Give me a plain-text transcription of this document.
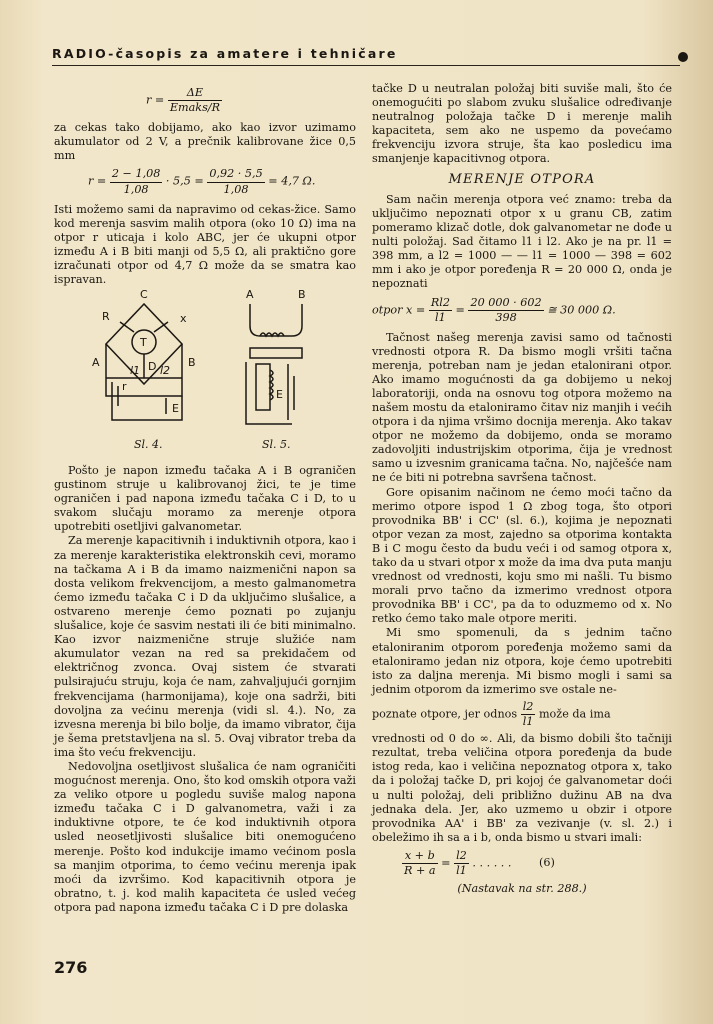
RADIO-časopis za amatere i tehničare
$r = \frac{\Delta E}{\text{Emaks/R}}$

za cekas tako dobijamo, ako kao izvor uzimamo akumulator od 2 V, a prečnik kalibrovane žice 0,5 mm

$r = \frac{2 - 1,08}{1,08} \cdot 5,5 = \frac{0,92 \cdot 5,5}{1,08} = 4,7$ Ω.

Isti možemo sami da napravimo od cekas-žice. Samo kod merenja sasvim malih otpora (oko 10 Ω) ima na otpor r uticaja i kolo ABC, jer će ukupni otpor između A i B biti manji od 5,5 Ω, ali praktično gore izračunati otpor od 4,7 Ω može da se smatra kao ispravan.

C
R	x
T
D
A	B
r
l1 l2
E
Sl. 4.
A	B
E
Sl. 5.

Pošto je napon između tačaka A i B ograničen gustinom struje u kalibrovanoj žici, te je time ograničen i pad napona između tačaka C i D, to u svakom slučaju moramo za merenje otpora upotrebiti osetljivi galvanometar.

Za merenje kapacitivnih i induktivnih otpora, kao i za merenje karakteristika elektronskih cevi, moramo na tačkama A i B da imamo naizmenični napon sa dosta velikom frekvencijom, a mesto galmanometra ćemo između tačaka C i D da uključimo slušalice, a ostvareno merenje ćemo poznati po zujanju slušalice, koje će sasvim nestati ili će biti minimalno. Kao izvor naizmenične struje služiće nam akumulator vezan na red sa prekidačem od električnog zvonca. Ovaj sistem će stvarati pulsirajuću struju, koja će nam, zahvaljujući gornjim frekvencijama (harmonijama), koje ona sadrži, biti dovoljna za većinu merenja (vidi sl. 4.). No, za izvesna merenja bi bilo bolje, da imamo vibrator, čija je šema pretstavljena na sl. 5. Ovaj vibrator treba da ima što veću frekvenciju.

Nedovoljna osetljivost slušalica će nam ograničiti mogućnost merenja. Ono, što kod omskih otpora važi za veliko otpore u pogledu suviše malog napona između tačaka C i D galvanometra, važi i za induktivne otpore, te će kod induktivnih otpora usled neosetljivosti slušalice biti onemogućeno merenje. Pošto kod indukcije imamo većinom posla sa manjim otporima, to ćemo većinu merenja ipak moći da izvršimo. Kod kapacitivnih otpora je obratno, t. j. kod malih kapaciteta će usled većeg otpora pad napona između tačaka C i D pre dolaska

276

tačke D u neutralan položaj biti suviše mali, što će onemogućiti po slabom zvuku slušalice određivanje neutralnog položaja tačke D i merenje malih kapaciteta, sem ako ne uspemo da povećamo frekvenciju izvora struje, šta kao posledicu ima smanjenje kapacitivnog otpora.

MERENJE OTPORA

Sam način merenja otpora već znamo: treba da uključimo nepoznati otpor x u granu CB, zatim pomeramo klizač dotle, dok galvanometar ne dođe u nulti položaj. Sad čitamo l1 i l2. Ako je na pr. l1 = 398 mm, a l2 = 1000 — — l1 = 1000 — 398 = 602 mm i ako je otpor poređenja R = 20 000 Ω, onda je nepoznati

otpor $x = \frac{Rl2}{l1} = \frac{20 000 \cdot 602}{398}$ ≅ 30 000 Ω.

Tačnost našeg merenja zavisi samo od tačnosti vrednosti otpora R. Da bismo mogli vršiti tačna merenja, potreban nam je jedan etalonirani otpor. Ako imamo mogućnosti da ga dobijemo u nekoj laboratoriji, onda na osnovu tog otpora možemo na našem mostu da etaloniramo čitav niz manjih i većih otpora i da njima vršimo docnija merenja. Ako takav otpor ne možemo da dobijemo, onda se moramo zadovoljiti industrijskim otporima, čija je vrednost samo u izvesnim granicama tačna. No, najčešće nam ne će biti ni potrebna savršena tačnost.

Gore opisanim načinom ne ćemo moći tačno da merimo otpore ispod 1 Ω zbog toga, što otpori provodnika BB' i CC' (sl. 6.), kojima je nepoznati otpor vezan za most, zajedno sa otporima kontakta B i C mogu često da budu veći i od samog otpora x, tako da u stvari otpor x može da ima dva puta manju vrednost od vrednosti, koju smo mi našli. Tu bismo morali prvo tačno da izmerimo vrednost otpora provodnika BB' i CC', pa da to oduzmemo od x. No retko ćemo tako male otpore meriti.

Mi smo spomenuli, da s jednim tačno etaloniranim otporom poređenja možemo sami da etaloniramo jedan niz otpora, koje ćemo upotrebiti isto za daljna merenja. Mi bismo mogli i sami sa jednim otporom da izmerimo sve ostale ne-

poznate otpore, jer odnos $\frac{l2}{l1}$ može da ima

vrednosti od 0 do ∞. Ali, da bismo dobili što tačniji rezultat, treba veličina otpora poređenja da bude istog reda, kao i veličina nepoznatog otpora x, tako da i položaj tačke D, pri kojoj će galvanometar doći u nulti položaj, deli približno dužinu AB na dva jednaka dela. Jer, ako uzmemo u obzir i otpore provodnika AA' i BB' za vezivanje (v. sl. 2.) i obeležimo ih sa a i b, onda bismo u stvari imali:

$\frac{x + b}{R + a} = \frac{l2}{l1}$ . . . . . . (6)
(Nastavak na str. 288.)
